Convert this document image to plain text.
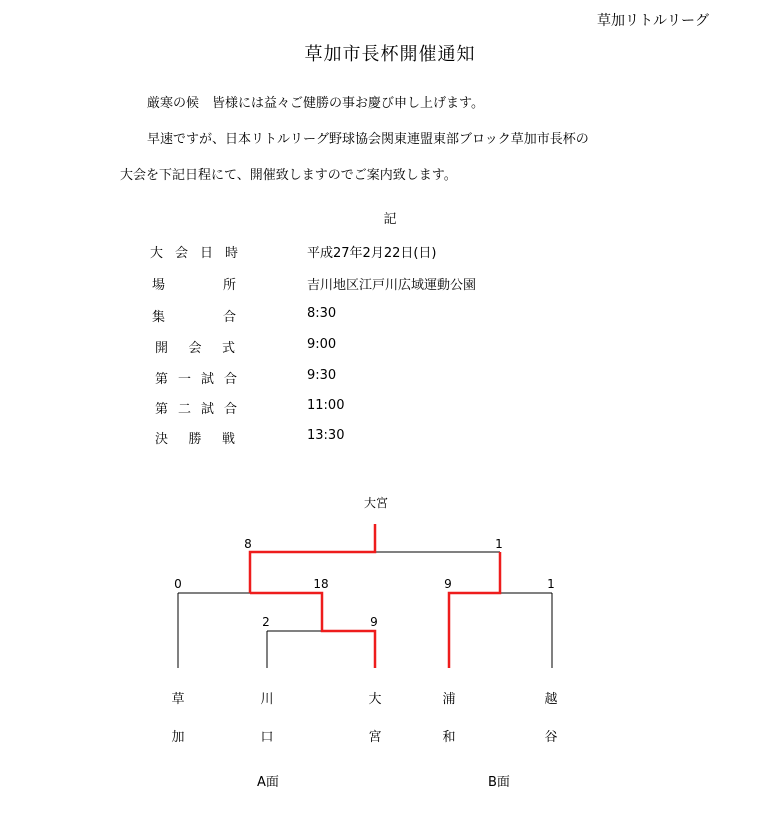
草加リトルリーグ
草加市長杯開催通知
厳寒の候　皆様には益々ご健勝の事お慶び申し上げます。
早速ですが、日本リトルリーグ野球協会関東連盟東部ブロック草加市長杯の
大会を下記日程にて、開催致しますのでご案内致します。
記
大会日時	平成27年2月22日(日)
場所	吉川地区江戸川広域運動公園
集合	8:30
開会式	9:00
第一試合	9:30
第二試合	11:00
決勝戦	13:30
大宮
8	1
0	18	9	1
2	9
草
加
川
口
大
宮
浦
和
越
谷
A面	B面
